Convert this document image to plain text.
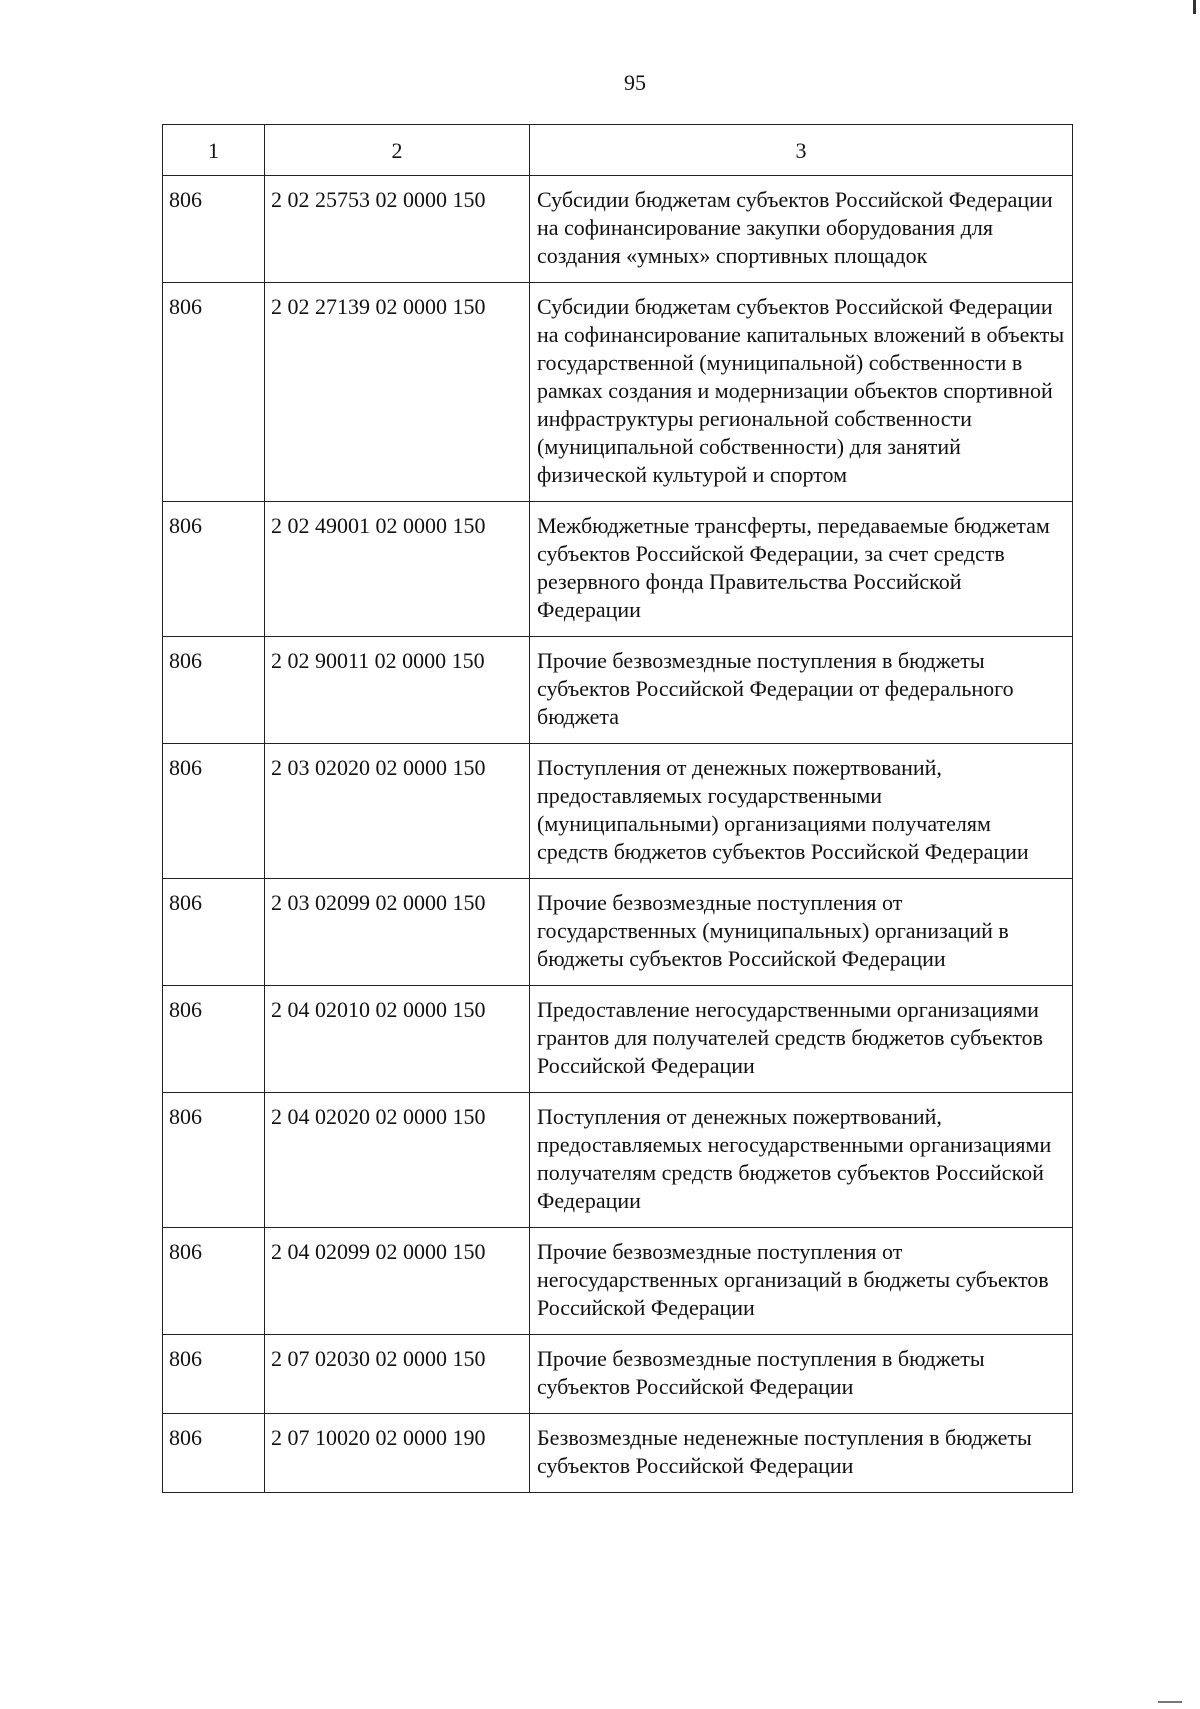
95
1	2	3
806	2 02 25753 02 0000 150	Субсидии бюджетам субъектов Российской Федерации на софинансирование закупки оборудования для создания «умных» спортивных площадок
806	2 02 27139 02 0000 150	Субсидии бюджетам субъектов Российской Федерации на софинансирование капитальных вложений в объекты государственной (муниципальной) собственности в рамках создания и модернизации объектов спортивной инфраструктуры региональной собственности (муниципальной собственности) для занятий физической культурой и спортом
806	2 02 49001 02 0000 150	Межбюджетные трансферты, передаваемые бюджетам субъектов Российской Федерации, за счет средств резервного фонда Правительства Российской Федерации
806	2 02 90011 02 0000 150	Прочие безвозмездные поступления в бюджеты субъектов Российской Федерации от федерального бюджета
806	2 03 02020 02 0000 150	Поступления от денежных пожертвований, предоставляемых государственными (муниципальными) организациями получателям средств бюджетов субъектов Российской Федерации
806	2 03 02099 02 0000 150	Прочие безвозмездные поступления от государственных (муниципальных) организаций в бюджеты субъектов Российской Федерации
806	2 04 02010 02 0000 150	Предоставление негосударственными организациями грантов для получателей средств бюджетов субъектов Российской Федерации
806	2 04 02020 02 0000 150	Поступления от денежных пожертвований, предоставляемых негосударственными организациями получателям средств бюджетов субъектов Российской Федерации
806	2 04 02099 02 0000 150	Прочие безвозмездные поступления от негосударственных организаций в бюджеты субъектов Российской Федерации
806	2 07 02030 02 0000 150	Прочие безвозмездные поступления в бюджеты субъектов Российской Федерации
806	2 07 10020 02 0000 190	Безвозмездные неденежные поступления в бюджеты субъектов Российской Федерации
